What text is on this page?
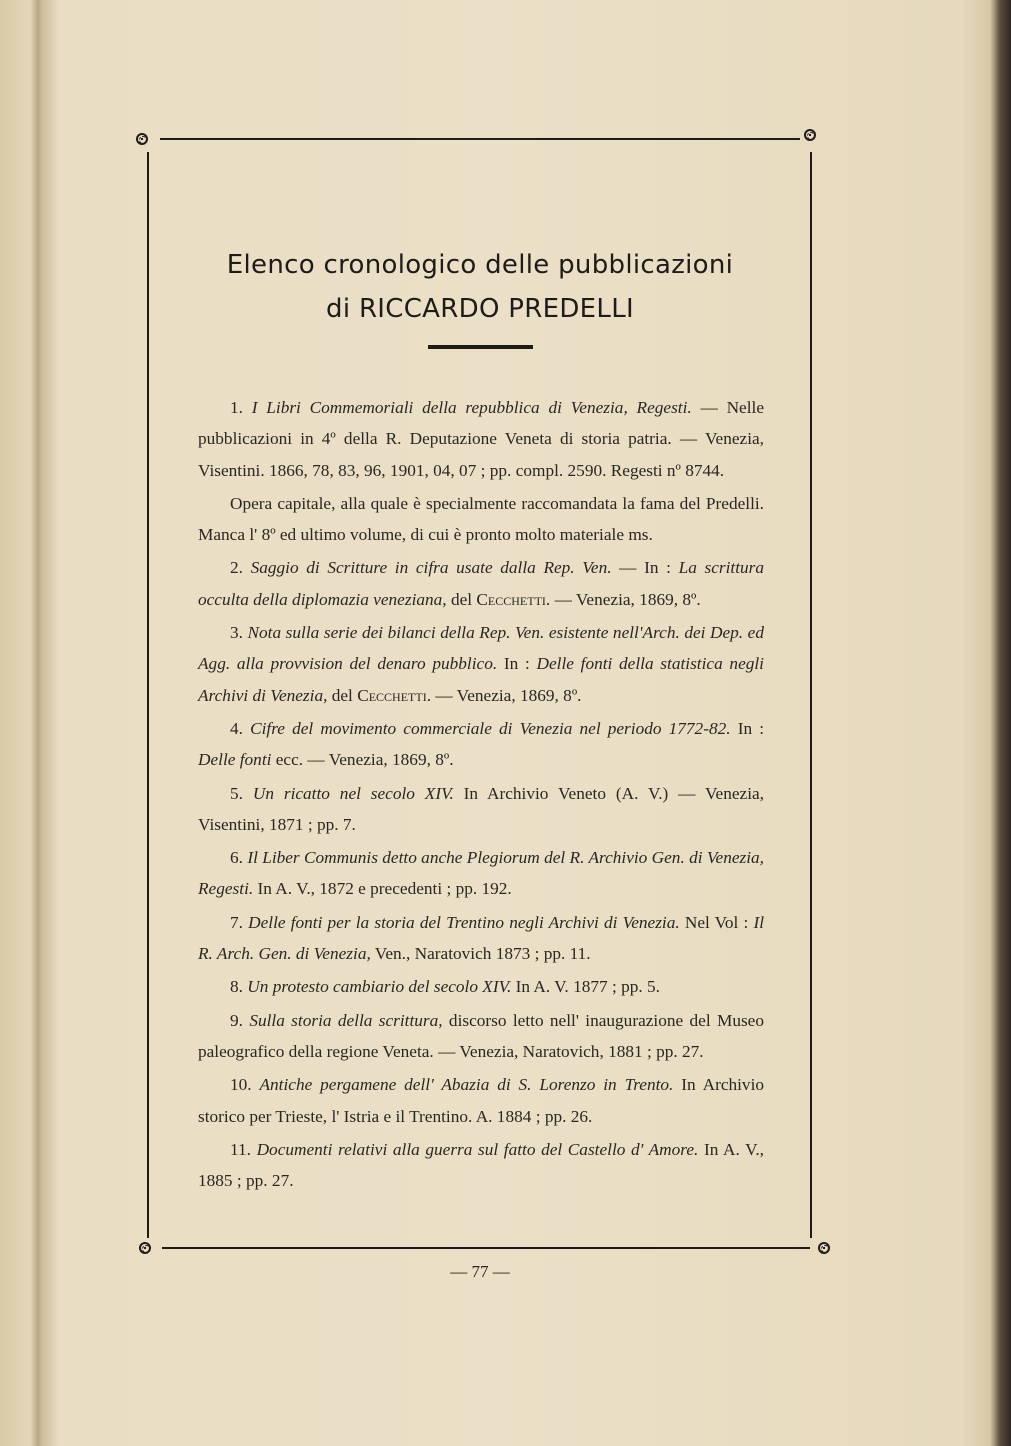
Elenco cronologico delle pubblicazioni
di RICCARDO PREDELLI

1. I Libri Commemoriali della repubblica di Venezia, Regesti. — Nelle pubblicazioni in 4º della R. Deputazione Veneta di storia patria. — Venezia, Visentini. 1866, 78, 83, 96, 1901, 04, 07 ; pp. compl. 2590. Regesti nº 8744.

Opera capitale, alla quale è specialmente raccomandata la fama del Predelli. Manca l' 8º ed ultimo volume, di cui è pronto molto materiale ms.

2. Saggio di Scritture in cifra usate dalla Rep. Ven. — In : La scrittura occulta della diplomazia veneziana, del Cecchetti. — Venezia, 1869, 8º.

3. Nota sulla serie dei bilanci della Rep. Ven. esistente nell'Arch. dei Dep. ed Agg. alla provvision del denaro pubblico. In : Delle fonti della statistica negli Archivi di Venezia, del Cecchetti. — Venezia, 1869, 8º.

4. Cifre del movimento commerciale di Venezia nel periodo 1772-82. In : Delle fonti ecc. — Venezia, 1869, 8º.

5. Un ricatto nel secolo XIV. In Archivio Veneto (A. V.) — Venezia, Visentini, 1871 ; pp. 7.

6. Il Liber Communis detto anche Plegiorum del R. Archivio Gen. di Venezia, Regesti. In A. V., 1872 e precedenti ; pp. 192.

7. Delle fonti per la storia del Trentino negli Archivi di Venezia. Nel Vol : Il R. Arch. Gen. di Venezia, Ven., Naratovich 1873 ; pp. 11.

8. Un protesto cambiario del secolo XIV. In A. V. 1877 ; pp. 5.

9. Sulla storia della scrittura, discorso letto nell' inaugurazione del Museo paleografico della regione Veneta. — Venezia, Naratovich, 1881 ; pp. 27.

10. Antiche pergamene dell' Abazia di S. Lorenzo in Trento. In Archivio storico per Trieste, l' Istria e il Trentino. A. 1884 ; pp. 26.

11. Documenti relativi alla guerra sul fatto del Castello d' Amore. In A. V., 1885 ; pp. 27.

— 77 —
